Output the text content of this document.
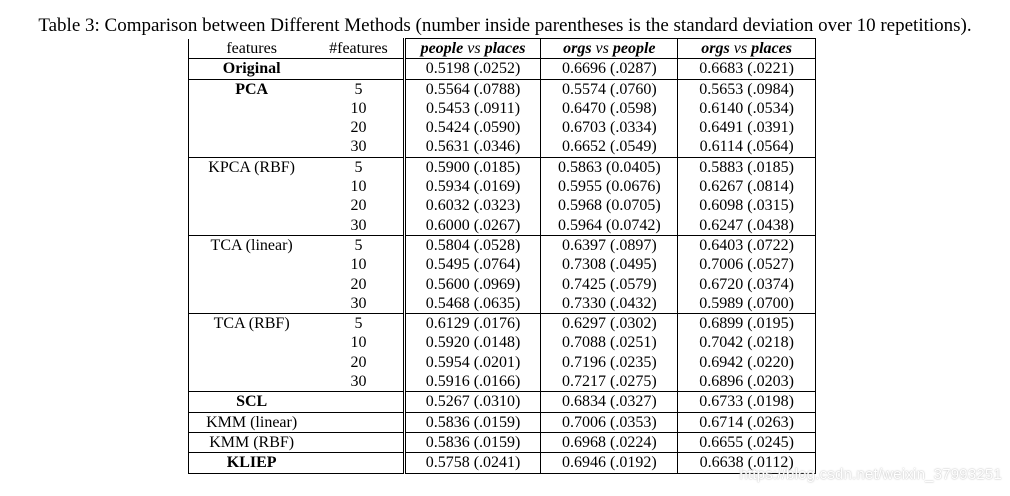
Table 3: Comparison between Different Methods (number inside parentheses is the standard deviation over 10 repetitions).
features	#features	people vs places	orgs vs people	orgs vs places
Original		0.5198 (.0252)	0.6696 (.0287)	0.6683 (.0221)
PCA	5	0.5564 (.0788)	0.5574 (.0760)	0.5653 (.0984)
	10	0.5453 (.0911)	0.6470 (.0598)	0.6140 (.0534)
	20	0.5424 (.0590)	0.6703 (.0334)	0.6491 (.0391)
	30	0.5631 (.0346)	0.6652 (.0549)	0.6114 (.0564)
KPCA (RBF)	5	0.5900 (.0185)	0.5863 (0.0405)	0.5883 (.0185)
	10	0.5934 (.0169)	0.5955 (0.0676)	0.6267 (.0814)
	20	0.6032 (.0323)	0.5968 (0.0705)	0.6098 (.0315)
	30	0.6000 (.0267)	0.5964 (0.0742)	0.6247 (.0438)
TCA (linear)	5	0.5804 (.0528)	0.6397 (.0897)	0.6403 (.0722)
	10	0.5495 (.0764)	0.7308 (.0495)	0.7006 (.0527)
	20	0.5600 (.0969)	0.7425 (.0579)	0.6720 (.0374)
	30	0.5468 (.0635)	0.7330 (.0432)	0.5989 (.0700)
TCA (RBF)	5	0.6129 (.0176)	0.6297 (.0302)	0.6899 (.0195)
	10	0.5920 (.0148)	0.7088 (.0251)	0.7042 (.0218)
	20	0.5954 (.0201)	0.7196 (.0235)	0.6942 (.0220)
	30	0.5916 (.0166)	0.7217 (.0275)	0.6896 (.0203)
SCL		0.5267 (.0310)	0.6834 (.0327)	0.6733 (.0198)
KMM (linear)		0.5836 (.0159)	0.7006 (.0353)	0.6714 (.0263)
KMM (RBF)		0.5836 (.0159)	0.6968 (.0224)	0.6655 (.0245)
KLIEP		0.5758 (.0241)	0.6946 (.0192)	0.6638 (.0112)
https://blog.csdn.net/weixin_37993251
